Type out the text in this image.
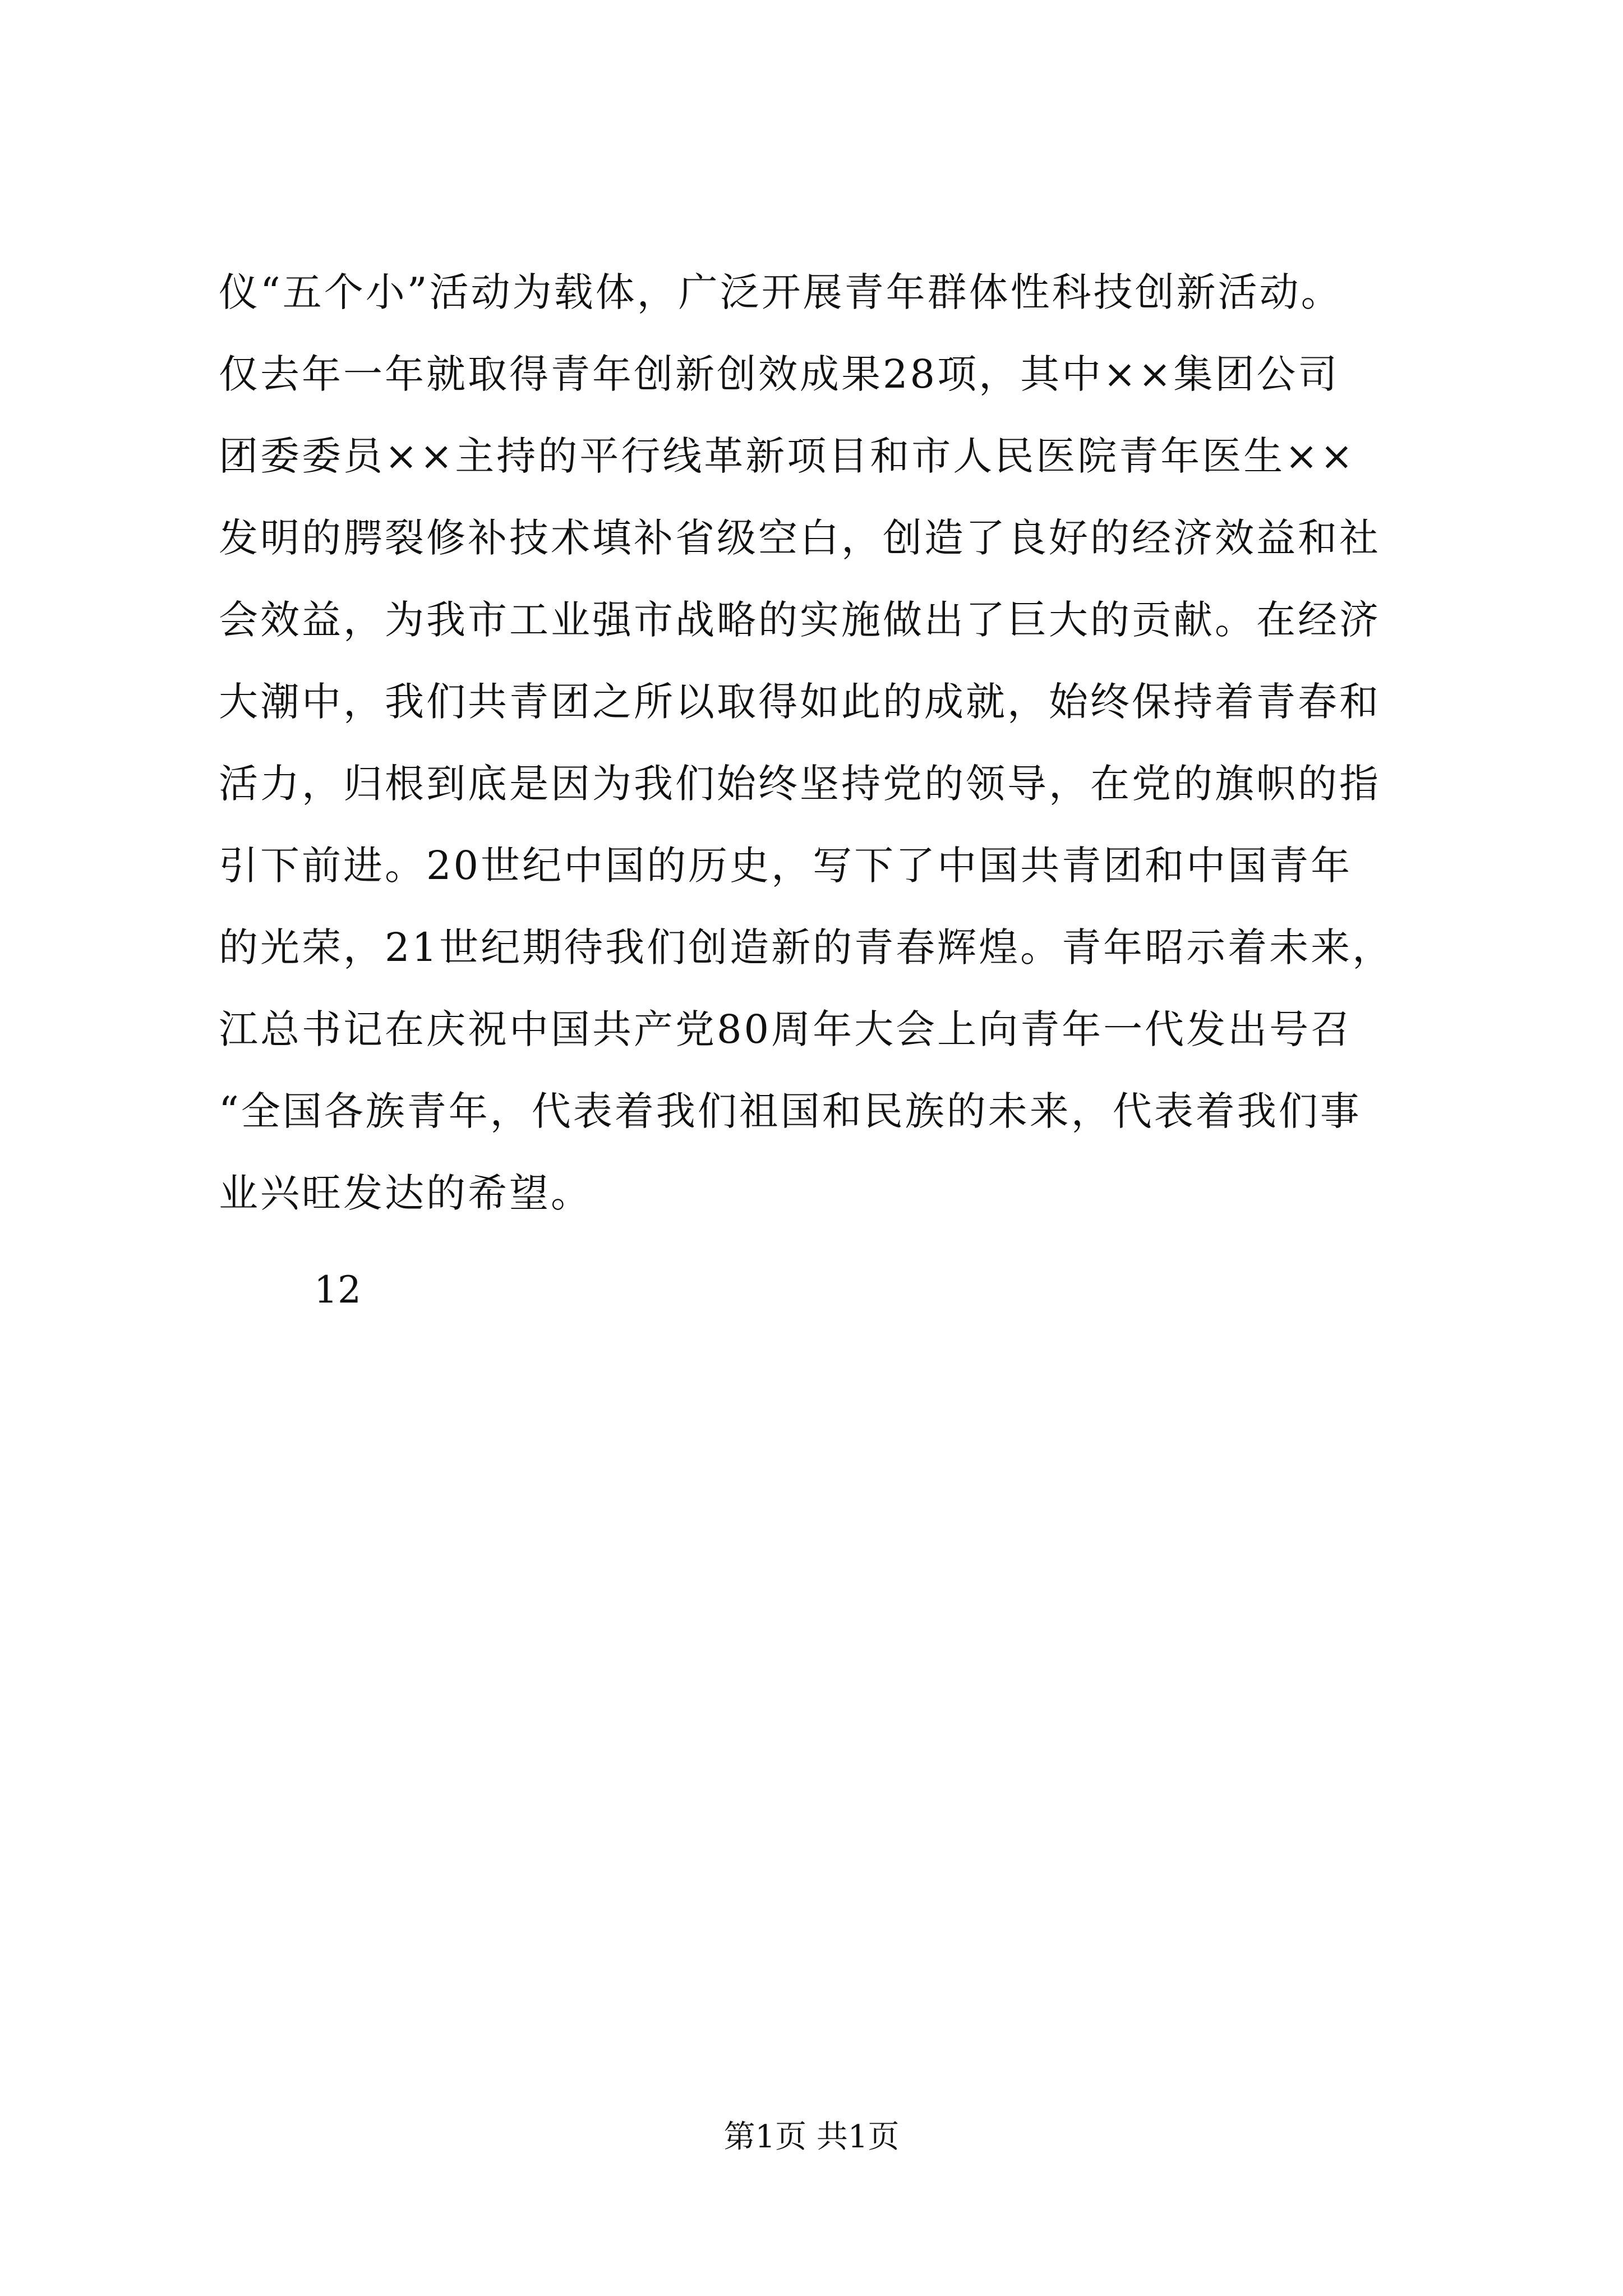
仪“五个小”活动为载体，广泛开展青年群体性科技创新活动。
仅去年一年就取得青年创新创效成果28项，其中××集团公司
团委委员××主持的平行线革新项目和市人民医院青年医生××
发明的腭裂修补技术填补省级空白，创造了良好的经济效益和社
会效益，为我市工业强市战略的实施做出了巨大的贡献。在经济
大潮中，我们共青团之所以取得如此的成就，始终保持着青春和
活力，归根到底是因为我们始终坚持党的领导，在党的旗帜的指
引下前进。20世纪中国的历史，写下了中国共青团和中国青年
的光荣，21世纪期待我们创造新的青春辉煌。青年昭示着未来，
江总书记在庆祝中国共产党80周年大会上向青年一代发出号召
“全国各族青年，代表着我们祖国和民族的未来，代表着我们事
业兴旺发达的希望。
12
第1页 共1页
